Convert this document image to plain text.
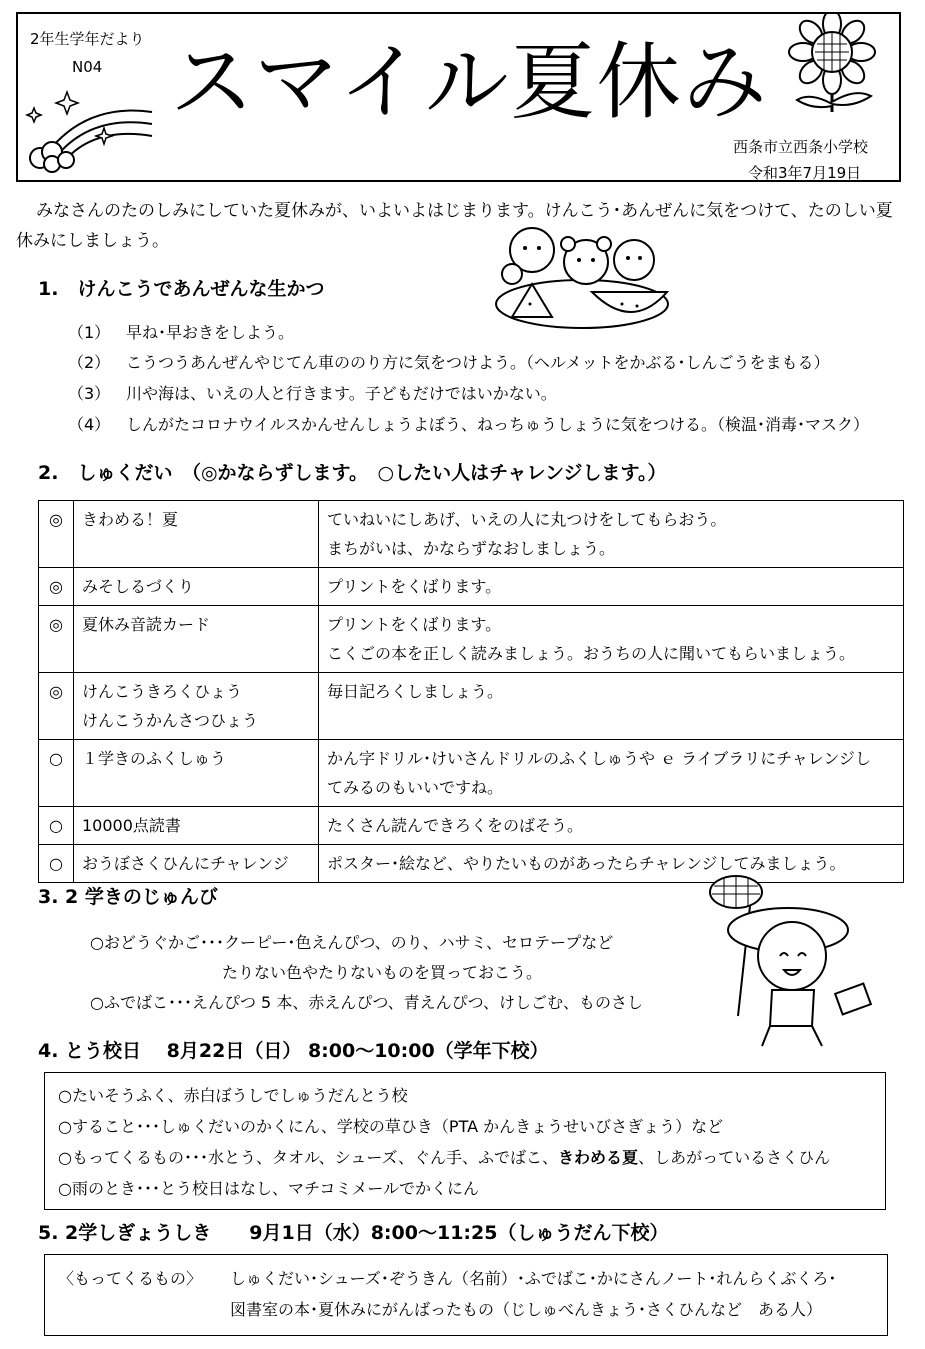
2年生学年だより
N04 スマイル夏休み
西条市立西条小学校
令和3年7月19日
みなさんのたのしみにしていた夏休みが、いよいよはじまります。けんこう･あんぜんに気をつけて、たのしい夏休みにしましょう。
1.　けんこうであんぜんな生かつ
（1） 早ね･早おきをしよう。
（2） こうつうあんぜんやじてん車ののり方に気をつけよう。（ヘルメットをかぶる･しんごうをまもる）
（3） 川や海は、いえの人と行きます。子どもだけではいかない。
（4） しんがたコロナウイルスかんせんしょうよぼう、ねっちゅうしょうに気をつける。（検温･消毒･マスク）
2.　しゅくだい　（◎かならずします。　○したい人はチャレンジします。）
◎	きわめる！夏	ていねいにしあげ、いえの人に丸つけをしてもらおう。
まちがいは、かならずなおしましょう。

◎	みそしるづくり	プリントをくばります。

◎	夏休み音読カード	プリントをくばります。
こくごの本を正しく読みましょう。おうちの人に聞いてもらいましょう。

◎	けんこうきろくひょう
けんこうかんさつひょう	毎日記ろくしましょう。

○	１学きのふくしゅう	かん字ドリル･けいさんドリルのふくしゅうや ｅ ライブラリにチャレンジし
てみるのもいいですね。

○	10000点読書	たくさん読んできろくをのばそう。

○	おうぼさくひんにチャレンジ	ポスター･絵など、やりたいものがあったらチャレンジしてみましょう。
3. 2 学きのじゅんび
○おどうぐかご･･･クーピー･色えんぴつ、のり、ハサミ、セロテープなど
たりない色やたりないものを買っておこう。
○ふでばこ･･･えんぴつ 5 本、赤えんぴつ、青えんぴつ、けしごむ、ものさし
4. とう校日　 8月22日（日） 8:00～10:00（学年下校）
○たいそうふく、赤白ぼうしでしゅうだんとう校
○すること･･･しゅくだいのかくにん、学校の草ひき（PTA かんきょうせいびさぎょう）など
○もってくるもの･･･水とう、タオル、シューズ、ぐん手、ふでばこ、きわめる夏、しあがっているさくひん
○雨のとき･･･とう校日はなし、マチコミメールでかくにん
5. 2学しぎょうしき　　9月1日（水）8:00～11:25（しゅうだん下校）
〈もってくるもの〉 しゅくだい･シューズ･ぞうきん（名前）･ふでばこ･かにさんノート･れんらくぶくろ･
図書室の本･夏休みにがんばったもの（じしゅべんきょう･さくひんなど　ある人）
